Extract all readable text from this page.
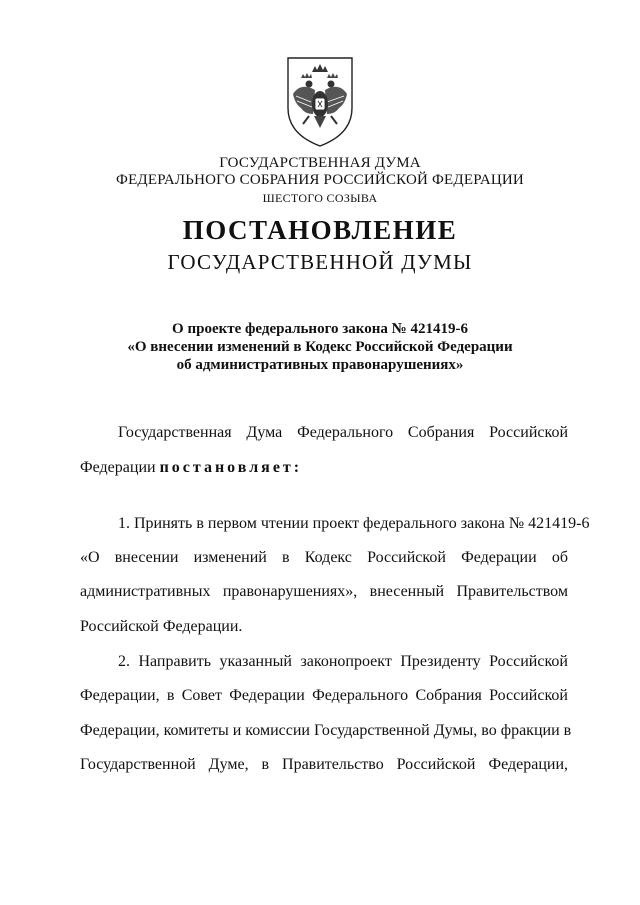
ГОСУДАРСТВЕННАЯ ДУМА
ФЕДЕРАЛЬНОГО СОБРАНИЯ РОССИЙСКОЙ ФЕДЕРАЦИИ
ШЕСТОГО СОЗЫВА
ПОСТАНОВЛЕНИЕ
ГОСУДАРСТВЕННОЙ ДУМЫ
О проекте федерального закона № 421419-6
«О внесении изменений в Кодекс Российской Федерации
об административных правонарушениях»
Государственная Дума Федерального Собрания Российской
Федерации постановляет:
1. Принять в первом чтении проект федерального закона № 421419-6
«О внесении изменений в Кодекс Российской Федерации об
административных правонарушениях», внесенный Правительством
Российской Федерации.
2. Направить указанный законопроект Президенту Российской
Федерации, в Совет Федерации Федерального Собрания Российской
Федерации, комитеты и комиссии Государственной Думы, во фракции в
Государственной Думе, в Правительство Российской Федерации,
